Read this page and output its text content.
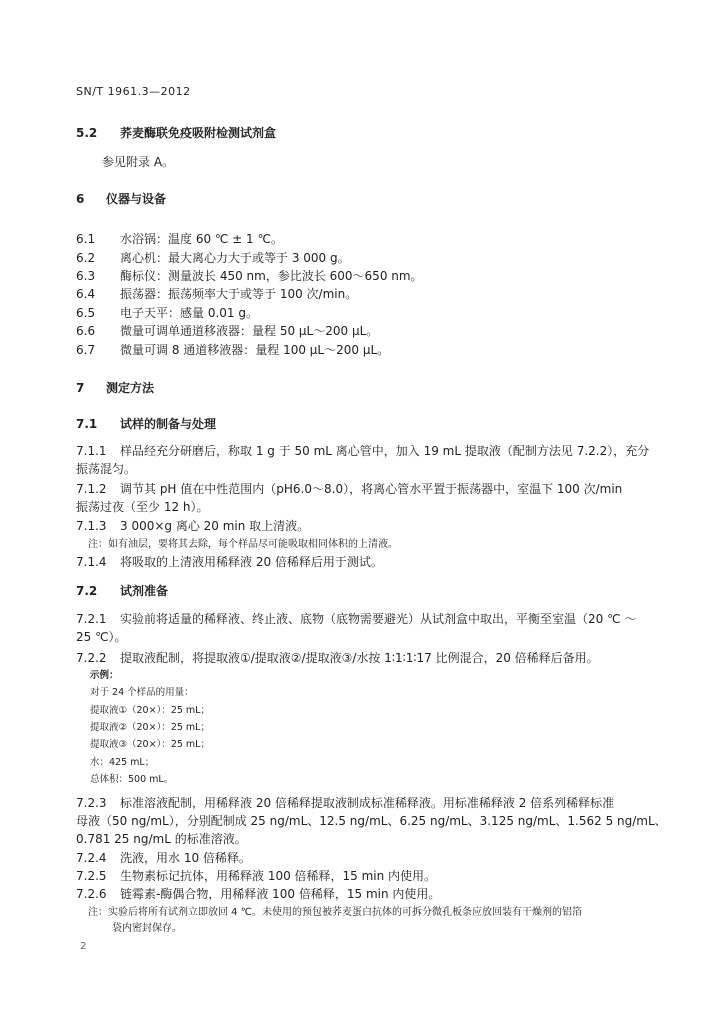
SN/T 1961.3—2012
5.2 荞麦酶联免疫吸附检测试剂盒
参见附录 A。
6 仪器与设备
6.1 水浴锅：温度 60 ℃ ± 1 ℃。
6.2 离心机：最大离心力大于或等于 3 000 g。
6.3 酶标仪：测量波长 450 nm，参比波长 600～650 nm。
6.4 振荡器：振荡频率大于或等于 100 次/min。
6.5 电子天平：感量 0.01 g。
6.6 微量可调单通道移液器：量程 50 μL～200 μL。
6.7 微量可调 8 通道移液器：量程 100 μL～200 μL。
7 测定方法
7.1 试样的制备与处理
7.1.1 样品经充分研磨后，称取 1 g 于 50 mL 离心管中，加入 19 mL 提取液（配制方法见 7.2.2），充分
振荡混匀。
7.1.2 调节其 pH 值在中性范围内（pH6.0～8.0），将离心管水平置于振荡器中，室温下 100 次/min
振荡过夜（至少 12 h）。
7.1.3 3 000×g 离心 20 min 取上清液。
注：如有油层，要将其去除，每个样品尽可能吸取相同体积的上清液。
7.1.4 将吸取的上清液用稀释液 20 倍稀释后用于测试。
7.2 试剂准备
7.2.1 实验前将适量的稀释液、终止液、底物（底物需要避光）从试剂盒中取出，平衡至室温（20 ℃ ～
25 ℃）。
7.2.2 提取液配制，将提取液①/提取液②/提取液③/水按 1∶1∶1∶17 比例混合，20 倍稀释后备用。
示例：
对于 24 个样品的用量：
提取液①（20×）：25 mL；
提取液②（20×）：25 mL；
提取液③（20×）：25 mL；
水：425 mL；
总体积：500 mL。
7.2.3 标准溶液配制，用稀释液 20 倍稀释提取液制成标准稀释液。用标准稀释液 2 倍系列稀释标准
母液（50 ng/mL），分别配制成 25 ng/mL、12.5 ng/mL、6.25 ng/mL、3.125 ng/mL、1.562 5 ng/mL、
0.781 25 ng/mL 的标准溶液。
7.2.4 洗液，用水 10 倍稀释。
7.2.5 生物素标记抗体，用稀释液 100 倍稀释，15 min 内使用。
7.2.6 链霉素-酶偶合物，用稀释液 100 倍稀释，15 min 内使用。
注：实验后将所有试剂立即放回 4 ℃。未使用的预包被荞麦蛋白抗体的可拆分微孔板条应放回装有干燥剂的铝箔
袋内密封保存。
2
